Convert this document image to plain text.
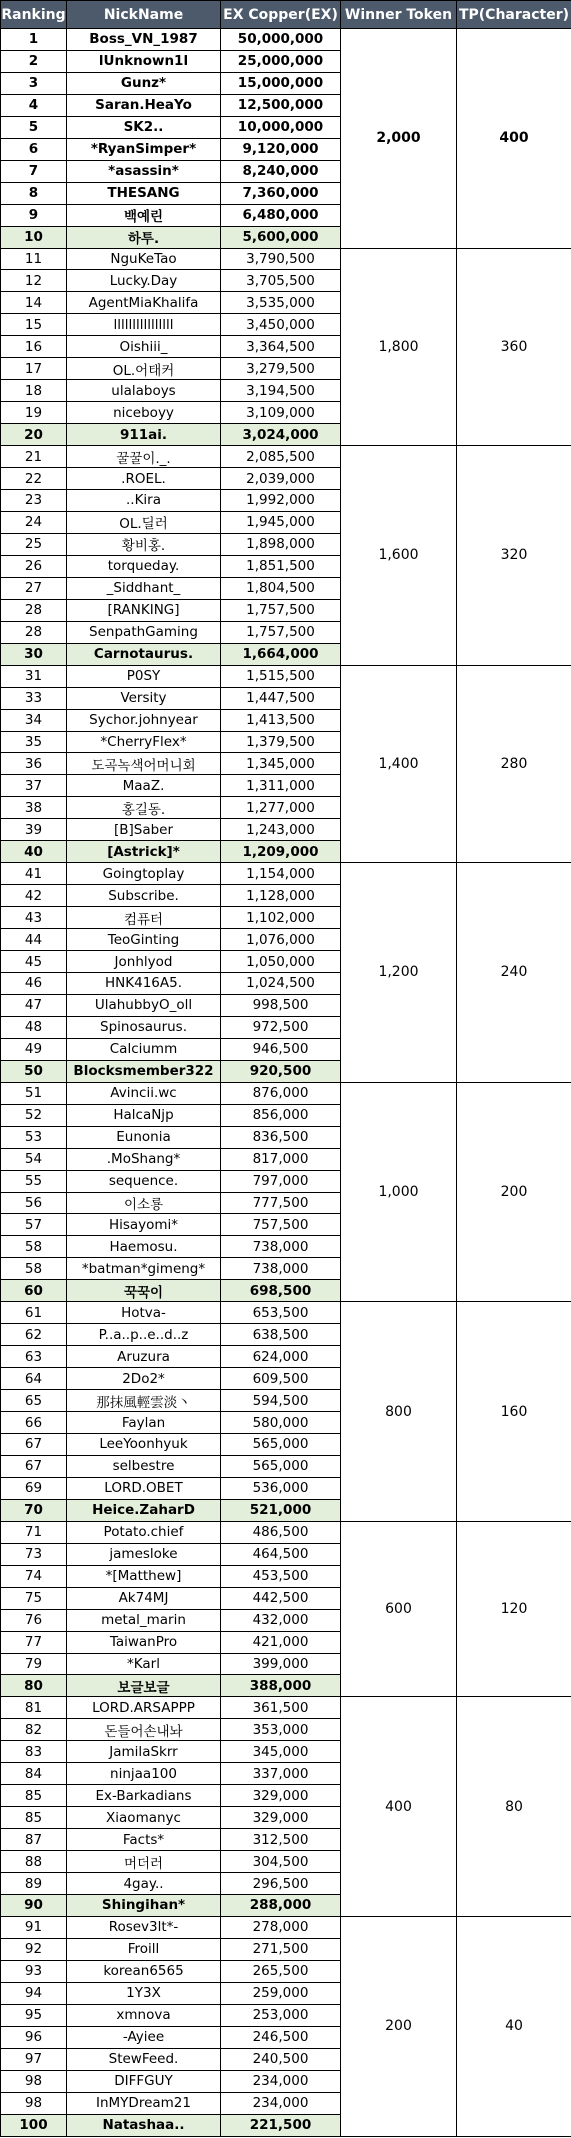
Ranking	NickName	EX Copper(EX)	Winner Token	TP(Character)
1	Boss_VN_1987	50,000,000	2,000	400
2	lUnknown1l	25,000,000		
3	Gunz*	15,000,000		
4	Saran.HeaYo	12,500,000		
5	SK2..	10,000,000		
6	*RyanSimper*	9,120,000		
7	*asassin*	8,240,000		
8	THESANG	7,360,000		
9	백예린	6,480,000		
10	하투.	5,600,000		
11	NguKeTao	3,790,500	1,800	360
12	Lucky.Day	3,705,500		
14	AgentMiaKhalifa	3,535,000		
15	llllllllllllllll	3,450,000		
16	Oishiii_	3,364,500		
17	OL.어태커	3,279,500		
18	ulalaboys	3,194,500		
19	niceboyy	3,109,000		
20	911ai.	3,024,000		
21	꿀꿀이._.	2,085,500	1,600	320
22	.ROEL.	2,039,000		
23	..Kira	1,992,000		
24	OL.딜러	1,945,000		
25	황비홍.	1,898,000		
26	torqueday.	1,851,500		
27	_Siddhant_	1,804,500		
28	[RANKING]	1,757,500		
28	SenpathGaming	1,757,500		
30	Carnotaurus.	1,664,000		
31	P0SY	1,515,500	1,400	280
33	Versity	1,447,500		
34	Sychor.johnyear	1,413,500		
35	*CherryFlex*	1,379,500		
36	도곡녹색어머니회	1,345,000		
37	MaaZ.	1,311,000		
38	홍길동.	1,277,000		
39	[B]Saber	1,243,000		
40	[Astrick]*	1,209,000		
41	Goingtoplay	1,154,000	1,200	240
42	Subscribe.	1,128,000		
43	컴퓨터	1,102,000		
44	TeoGinting	1,076,000		
45	Jonhlyod	1,050,000		
46	HNK416A5.	1,024,500		
47	UlahubbyO_oll	998,500		
48	Spinosaurus.	972,500		
49	Calciumm	946,500		
50	Blocksmember322	920,500		
51	Avincii.wc	876,000	1,000	200
52	HalcaNjp	856,000		
53	Eunonia	836,500		
54	.MoShang*	817,000		
55	sequence.	797,000		
56	이소룡	777,500		
57	Hisayomi*	757,500		
58	Haemosu.	738,000		
58	*batman*gimeng*	738,000		
60	꾹꾹이	698,500		
61	Hotva-	653,500	800	160
62	P..a..p..e..d..z	638,500		
63	Aruzura	624,000		
64	2Do2*	609,500		
65	那抹風輕雲淡丶	594,500		
66	Faylan	580,000		
67	LeeYoonhyuk	565,000		
67	selbestre	565,000		
69	LORD.OBET	536,000		
70	Heice.ZaharD	521,000		
71	Potato.chief	486,500	600	120
73	jamesloke	464,500		
74	*[Matthew]	453,500		
75	Ak74MJ	442,500		
76	metal_marin	432,000		
77	TaiwanPro	421,000		
79	*Karl	399,000		
80	보글보글	388,000		
81	LORD.ARSAPPP	361,500	400	80
82	돈들어손내놔	353,000		
83	JamilaSkrr	345,000		
84	ninjaa100	337,000		
85	Ex-Barkadians	329,000		
85	Xiaomanyc	329,000		
87	Facts*	312,500		
88	머더러	304,500		
89	4gay..	296,500		
90	Shingihan*	288,000		
91	Rosev3lt*-	278,000	200	40
92	Froill	271,500		
93	korean6565	265,500		
94	1Y3X	259,000		
95	xmnova	253,000		
96	-Ayiee	246,500		
97	StewFeed.	240,500		
98	DIFFGUY	234,000		
98	InMYDream21	234,000		
100	Natashaa..	221,500		
